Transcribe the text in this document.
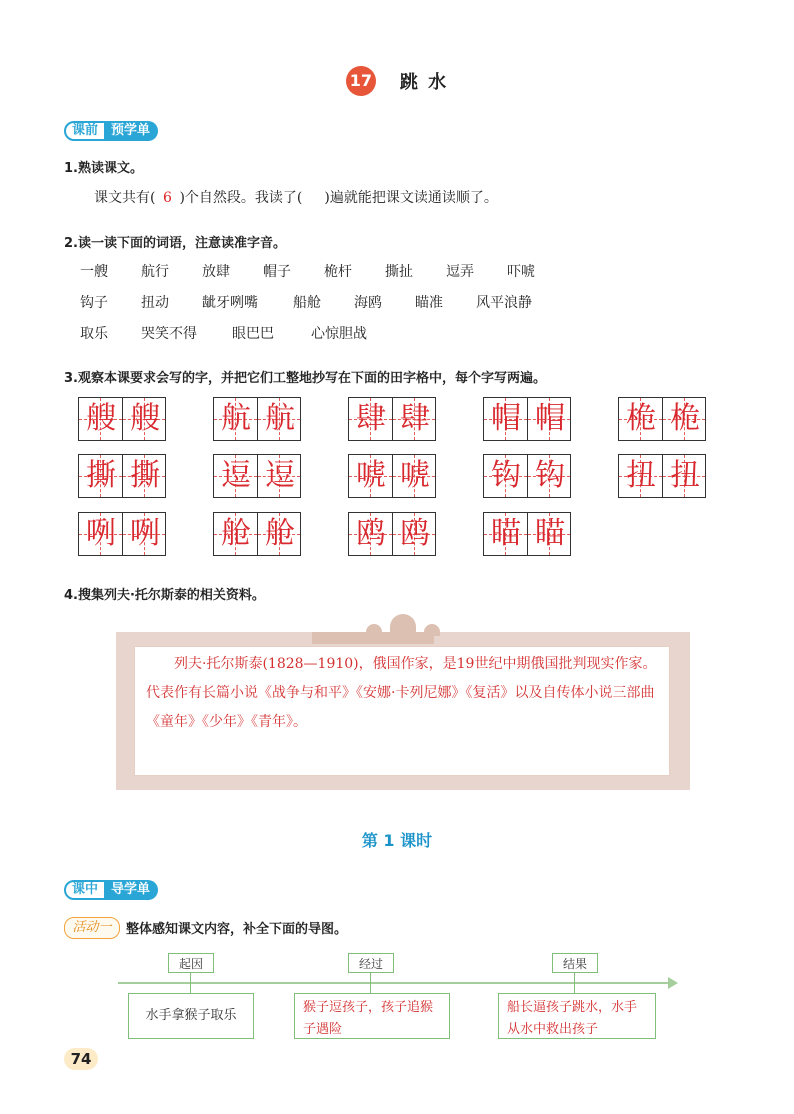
17 跳 水
课前	预学单
1.熟读课文。
课文共有( 6 )个自然段。我读了( )遍就能把课文读通读顺了。
2.读一读下面的词语，注意读准字音。
一艘	航行	放肆	帽子	桅杆	撕扯	逗弄	吓唬
钩子	扭动	龇牙咧嘴	船舱	海鸥	瞄准	风平浪静
取乐	哭笑不得	眼巴巴	心惊胆战
3.观察本课要求会写的字，并把它们工整地抄写在下面的田字格中，每个字写两遍。
艘 艘 航 航 肆 肆 帽 帽 桅 桅
撕 撕 逗 逗 唬 唬 钩 钩 扭 扭
咧 咧 舱 舱 鸥 鸥 瞄 瞄
4.搜集列夫·托尔斯泰的相关资料。
列夫·托尔斯泰(1828—1910)，俄国作家，是19世纪中期俄国批判现实作家。代表作有长篇小说《战争与和平》《安娜·卡列尼娜》《复活》以及自传体小说三部曲《童年》《少年》《青年》。
第 1 课时
课中	导学单
活动一	整体感知课文内容，补全下面的导图。
起因
水手拿猴子取乐
经过
猴子逗孩子，孩子追猴子遇险
结果
船长逼孩子跳水，水手从水中救出孩子
74
